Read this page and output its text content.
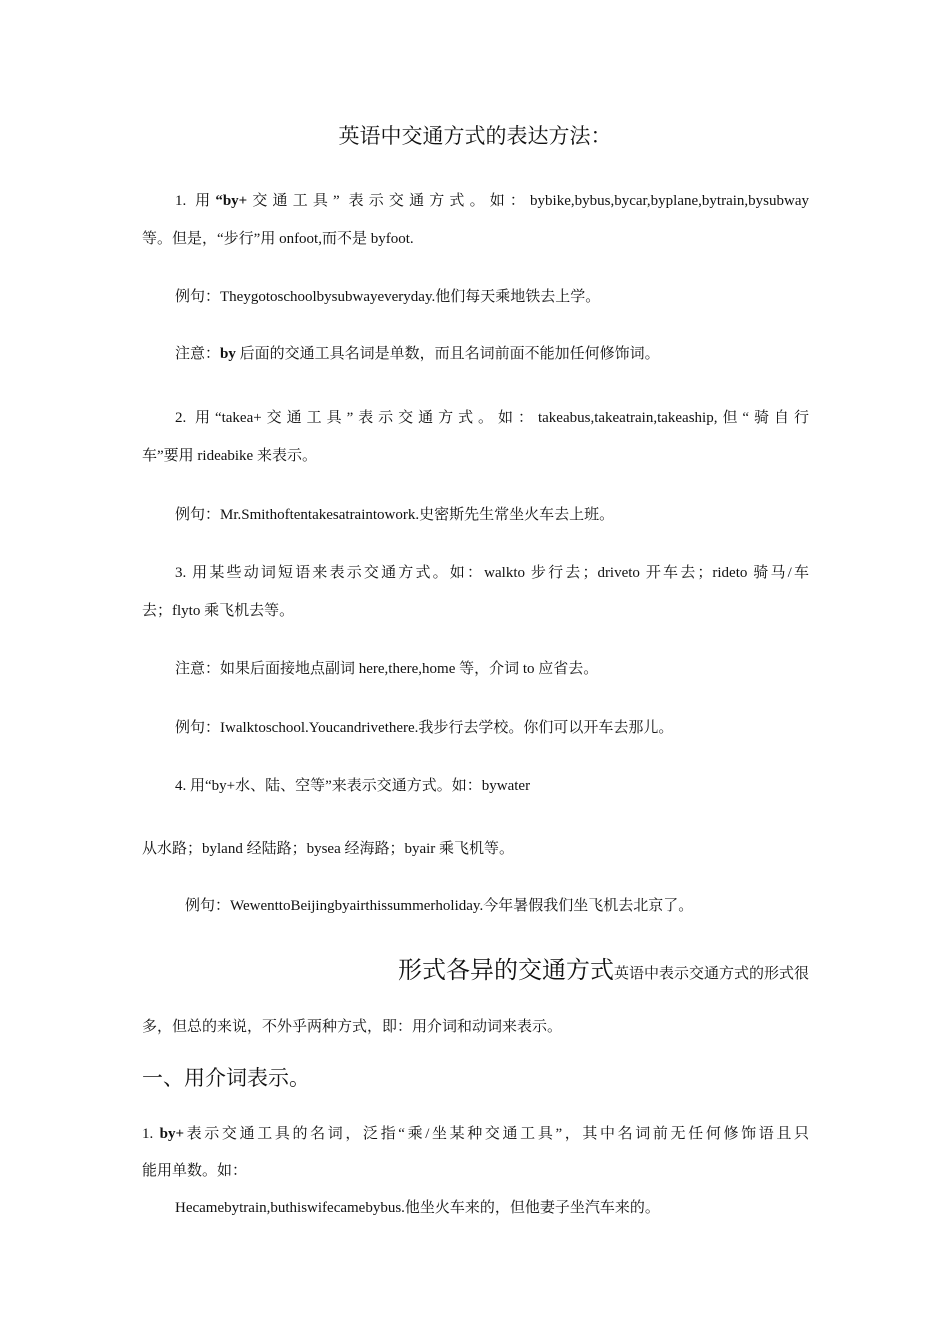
英语中交通方式的表达方法：
1. 用“by+交通工具” 表示交通方式。如：bybike,bybus,bycar,byplane,bytrain,bysubway
等。但是，“步行”用 onfoot,而不是 byfoot.
例句：Theygotoschoolbysubwayeveryday.他们每天乘地铁去上学。
注意：by 后面的交通工具名词是单数，而且名词前面不能加任何修饰词。
2. 用“takea+交通工具”表示交通方式。如：takeabus,takeatrain,takeaship,但“骑自行
车”要用 rideabike 来表示。
例句：Mr.Smithoftentakesatraintowork.史密斯先生常坐火车去上班。
3. 用某些动词短语来表示交通方式。如：walkto 步行去；driveto 开车去；rideto 骑马/车
去；flyto 乘飞机去等。
注意：如果后面接地点副词 here,there,home 等，介词 to 应省去。
例句：Iwalktoschool.Youcandrivethere.我步行去学校。你们可以开车去那儿。
4. 用“by+水、陆、空等”来表示交通方式。如：bywater
从水路；byland 经陆路；bysea 经海路；byair 乘飞机等。
例句：WewenttoBeijingbyairthissummerholiday.今年暑假我们坐飞机去北京了。
形式各异的交通方式英语中表示交通方式的形式很
多，但总的来说，不外乎两种方式，即：用介词和动词来表示。
一、用介词表示。
1. by+表示交通工具的名词，泛指“乘/坐某种交通工具”，其中名词前无任何修饰语且只
能用单数。如：
Hecamebytrain,buthiswifecamebybus.他坐火车来的，但他妻子坐汽车来的。
